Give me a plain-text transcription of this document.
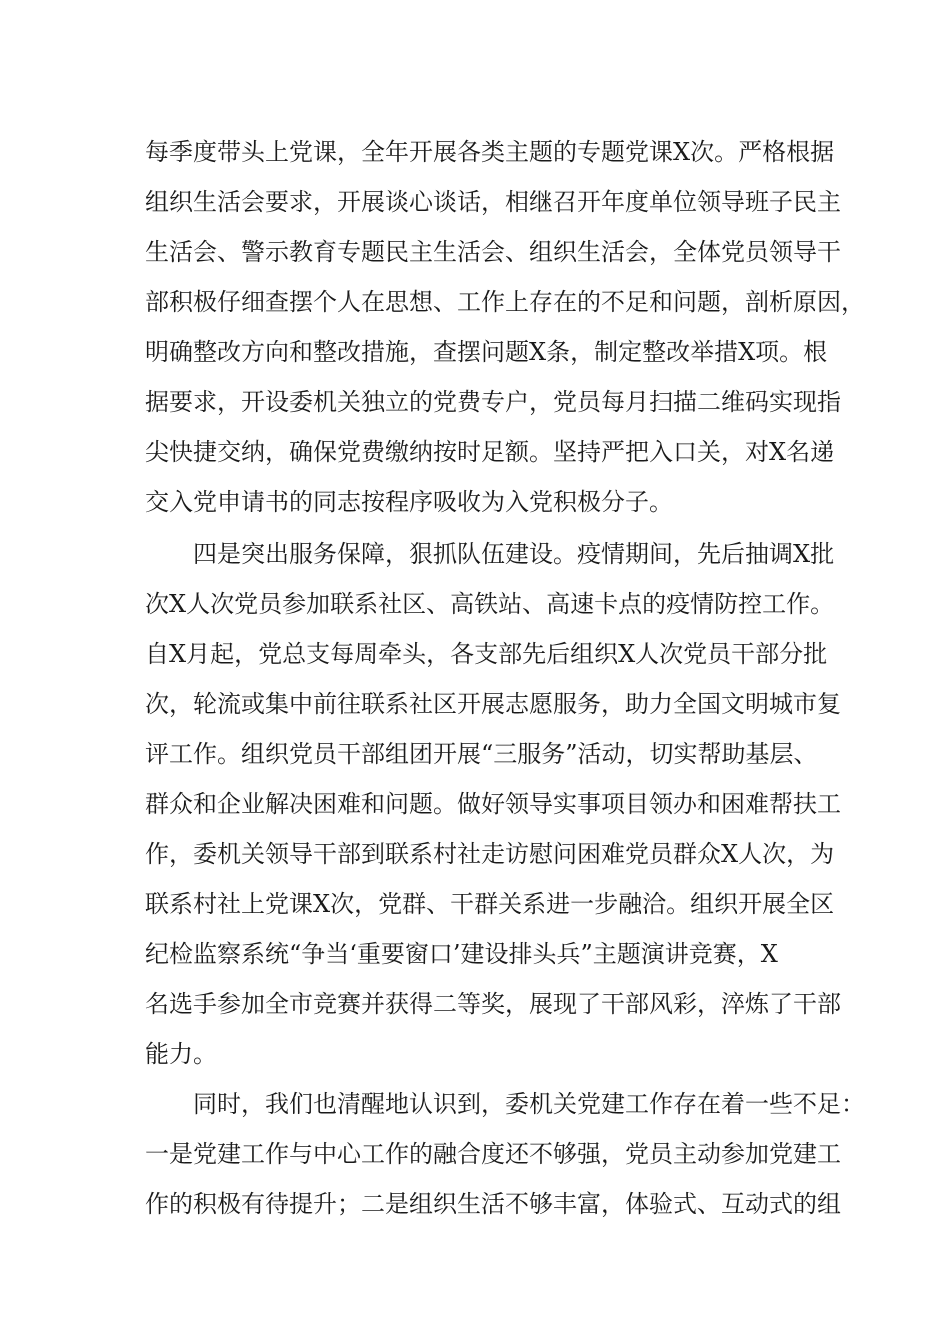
每季度带头上党课，全年开展各类主题的专题党课X次。严格根据
组织生活会要求，开展谈心谈话，相继召开年度单位领导班子民主
生活会、警示教育专题民主生活会、组织生活会，全体党员领导干
部积极仔细查摆个人在思想、工作上存在的不足和问题，剖析原因，
明确整改方向和整改措施，查摆问题X条，制定整改举措X项。根
据要求，开设委机关独立的党费专户，党员每月扫描二维码实现指
尖快捷交纳，确保党费缴纳按时足额。坚持严把入口关，对X名递
交入党申请书的同志按程序吸收为入党积极分子。
四是突出服务保障，狠抓队伍建设。疫情期间，先后抽调X批
次X人次党员参加联系社区、高铁站、高速卡点的疫情防控工作。
自X月起，党总支每周牵头，各支部先后组织X人次党员干部分批
次，轮流或集中前往联系社区开展志愿服务，助力全国文明城市复
评工作。组织党员干部组团开展“三服务”活动，切实帮助基层、
群众和企业解决困难和问题。做好领导实事项目领办和困难帮扶工
作，委机关领导干部到联系村社走访慰问困难党员群众X人次，为
联系村社上党课X次，党群、干群关系进一步融洽。组织开展全区
纪检监察系统“争当‘重要窗口’建设排头兵”主题演讲竞赛，X
名选手参加全市竞赛并获得二等奖，展现了干部风彩，淬炼了干部
能力。
同时，我们也清醒地认识到，委机关党建工作存在着一些不足：
一是党建工作与中心工作的融合度还不够强，党员主动参加党建工
作的积极有待提升；二是组织生活不够丰富，体验式、互动式的组
